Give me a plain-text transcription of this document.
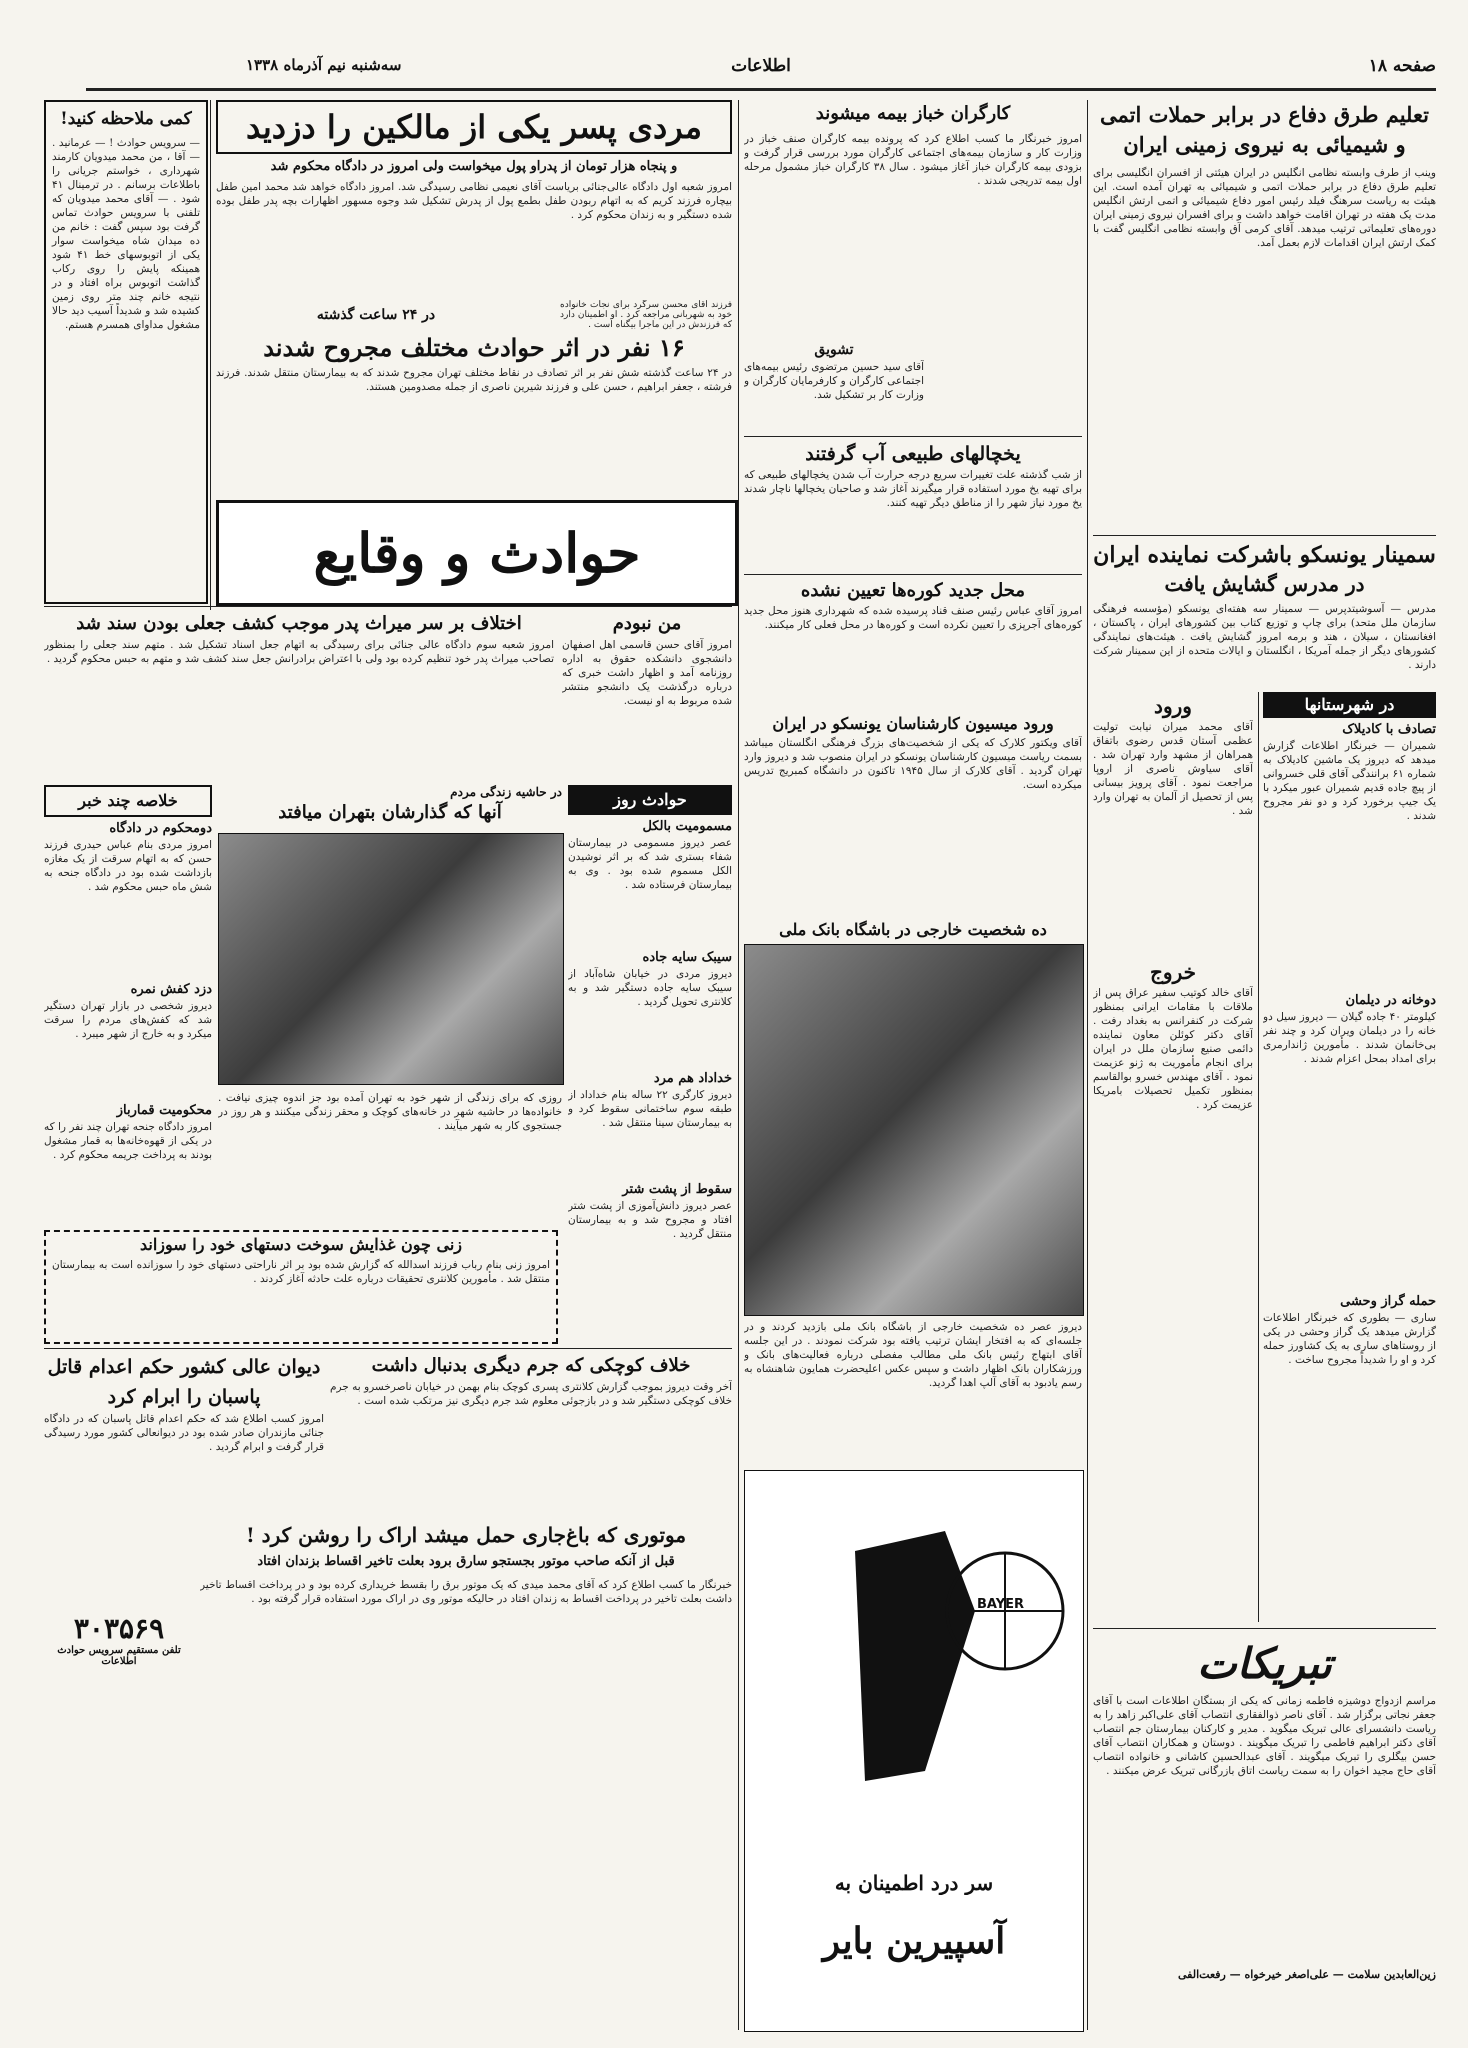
صفحه ۱۸
اطلاعات
سه‌شنبه نیم آذرماه ۱۳۳۸
تعلیم طرق دفاع در برابر حملات اتمی و شیمیائی به نیروی زمینی ایران
وینب از طرف وابسته نظامی انگلیس در ایران هیئتی از افسران انگلیسی برای تعلیم طرق دفاع در برابر حملات اتمی و شیمیائی به تهران آمده است. این هیئت به ریاست سرهنگ فیلد رئیس امور دفاع شیمیائی و اتمی ارتش انگلیس مدت یک هفته در تهران اقامت خواهد داشت و برای افسران نیروی زمینی ایران دوره‌های تعلیماتی ترتیب میدهد. آقای کرمی آق وابسته نظامی انگلیس گفت با کمک ارتش ایران اقدامات لازم بعمل آمد.
سمینار یونسکو باشرکت نماینده ایران
در مدرس گشایش یافت
مدرس — آسوشیتدپرس — سمینار سه هفته‌ای یونسکو (مؤسسه فرهنگی سازمان ملل متحد) برای چاپ و توزیع کتاب بین کشورهای ایران ، پاکستان ، افغانستان ، سیلان ، هند و برمه امروز گشایش یافت . هیئت‌های نمایندگی کشورهای دیگر از جمله آمریکا ، انگلستان و ایالات متحده از این سمینار شرکت دارند .
در شهرستانها
تصادف با کادیلاک
شمیران — خبرنگار اطلاعات گزارش میدهد که دیروز یک ماشین کادیلاک به شماره ۶۱ برانندگی آقای قلی خسروانی از پیچ جاده قدیم شمیران عبور میکرد با یک جیپ برخورد کرد و دو نفر مجروح شدند .
دوخانه در دیلمان
کیلومتر ۴۰ جاده گیلان — دیروز سیل دو خانه را در دیلمان ویران کرد و چند نفر بی‌خانمان شدند . مأمورین ژاندارمری برای امداد بمحل اعزام شدند .
حمله گراز وحشی
ساری — بطوری که خبرنگار اطلاعات گزارش میدهد یک گراز وحشی در یکی از روستاهای ساری به یک کشاورز حمله کرد و او را شدیداً مجروح ساخت .
ورود
آقای محمد میران نیابت تولیت عظمی آستان قدس رضوی باتفاق همراهان از مشهد وارد تهران شد . آقای سیاوش ناصری از اروپا مراجعت نمود . آقای پرویز بیسانی پس از تحصیل از آلمان به تهران وارد شد .
خروج
آقای خالد کوتیب سفیر عراق پس از ملاقات با مقامات ایرانی بمنظور شرکت در کنفرانس به بغداد رفت . آقای دکتر کوئلن معاون نماینده دائمی صنیع سازمان ملل در ایران برای انجام مأموریت به ژنو عزیمت نمود . آقای مهندس خسرو بوالقاسم بمنظور تکمیل تحصیلات بامریکا عزیمت کرد .
تبریکات
مراسم ازدواج دوشیزه فاطمه زمانی که یکی از بستگان اطلاعات است با آقای جعفر نجاتی برگزار شد . آقای ناصر ذوالفقاری انتصاب آقای علی‌اکبر زاهد را به ریاست دانشسرای عالی تبریک میگوید . مدیر و کارکنان بیمارستان جم انتصاب آقای دکتر ابراهیم فاطمی را تبریک میگویند . دوستان و همکاران انتصاب آقای حسن بیگلری را تبریک میگویند . آقای عبدالحسین کاشانی و خانواده انتصاب آقای حاج مجید اخوان را به سمت ریاست اتاق بازرگانی تبریک عرض میکنند .
زین‌العابدین سلامت — علی‌اصغر خیرخواه — رفعت‌الفی
کارگران خباز بیمه میشوند
امروز خبرنگار ما کسب اطلاع کرد که پرونده بیمه کارگران صنف خباز در وزارت کار و سازمان بیمه‌های اجتماعی کارگران مورد بررسی قرار گرفت و بزودی بیمه کارگران خباز آغاز میشود . سال ۳۸ کارگران خباز مشمول مرحله اول بیمه تدریجی شدند .
تشویق
آقای سید حسین مرتضوی رئیس بیمه‌های اجتماعی کارگران و کارفرمایان کارگران و وزارت کار بر تشکیل شد.
یخچالهای طبیعی آب گرفتند
از شب گذشته علت تغییرات سریع درجه حرارت آب شدن یخچالهای طبیعی که برای تهیه یخ مورد استفاده قرار میگیرند آغاز شد و صاحبان یخچالها ناچار شدند یخ مورد نیاز شهر را از مناطق دیگر تهیه کنند.
محل جدید کوره‌ها تعیین نشده
امروز آقای عباس رئیس صنف قناد پرسیده شده که شهرداری هنوز محل جدید کوره‌های آجرپزی را تعیین نکرده است و کوره‌ها در محل فعلی کار میکنند.
ورود میسیون کارشناسان یونسکو در ایران
آقای ویکتور کلارک که یکی از شخصیت‌های بزرگ فرهنگی انگلستان میباشد بسمت ریاست میسیون کارشناسان یونسکو در ایران منصوب شد و دیروز وارد تهران گردید . آقای کلارک از سال ۱۹۴۵ تاکنون در دانشگاه کمبریج تدریس میکرده است.
ده شخصیت خارجی در باشگاه بانک ملی
دیروز عصر ده شخصیت خارجی از باشگاه بانک ملی بازدید کردند و در جلسه‌ای که به افتخار ایشان ترتیب یافته بود شرکت نمودند . در این جلسه آقای ابتهاج رئیس بانک ملی مطالب مفصلی درباره فعالیت‌های بانک و ورزشکاران بانک اظهار داشت و سپس عکس اعلیحضرت همایون شاهنشاه به رسم یادبود به آقای آلپ اهدا گردید.
BAYER
سر درد اطمینان به
آسپیرین بایر
کمی ملاحظه کنید!
— سرویس حوادث ! — عرمانید . — آقا ، من محمد میدویان کارمند شهرداری ، خواستم جریانی را باطلاعات برسانم . در ترمینال ۴۱ شود . — آقای محمد میدویان که تلفنی با سرویس حوادث تماس گرفت بود سپس گفت : خانم من ده میدان شاه میخواست سوار یکی از اتوبوسهای خط ۴۱ شود همینکه پایش را روی رکاب گذاشت اتوبوس براه افتاد و در نتیجه خانم چند متر روی زمین کشیده شد و شدیداً آسیب دید حالا مشغول مداوای همسرم هستم.
مردی پسر یکی از مالکین را دزدید
و پنجاه هزار تومان از پدراو پول میخواست ولی امروز در دادگاه محکوم شد
امروز شعبه اول دادگاه عالی‌جنائی بریاست آقای نعیمی نظامی رسیدگی شد. امروز دادگاه خواهد شد محمد امین طفل بیچاره فرزند کریم که به اتهام ربودن طفل بطمع پول از پدرش تشکیل شد وجوه مسهور اظهارات بچه پدر طفل بوده شده دستگیر و به زندان محکوم کرد .
در ۲۴ ساعت گذشته
۱۶ نفر در اثر حوادث مختلف مجروح شدند
در ۲۴ ساعت گذشته شش نفر بر اثر تصادف در نقاط مختلف تهران مجروح شدند که به بیمارستان منتقل شدند. فرزند فرشته ، جعفر ابراهیم ، حسن علی و فرزند شیرین ناصری از جمله مصدومین هستند.
فرزند آقای محسن سرگرد برای نجات خانواده خود به شهربانی مراجعه کرد . او اطمینان دارد که فرزندش در این ماجرا بیگناه است .
حوادث و وقایع
اختلاف بر سر میراث پدر موجب کشف جعلی بودن سند شد
امروز شعبه سوم دادگاه عالی جنائی برای رسیدگی به اتهام جعل اسناد تشکیل شد . متهم سند جعلی را بمنظور تصاحب میراث پدر خود تنظیم کرده بود ولی با اعتراض برادرانش جعل سند کشف شد و متهم به حبس محکوم گردید .
من نبودم
امروز آقای حسن قاسمی اهل اصفهان دانشجوی دانشکده حقوق به اداره روزنامه آمد و اظهار داشت خبری که درباره درگذشت یک دانشجو منتشر شده مربوط به او نیست.
خلاصه چند خبر
دومحکوم در دادگاه
امروز مردی بنام عباس حیدری فرزند حسن که به اتهام سرقت از یک مغازه بازداشت شده بود در دادگاه جنحه به شش ماه حبس محکوم شد .
دزد کفش نمره
دیروز شخصی در بازار تهران دستگیر شد که کفش‌های مردم را سرقت میکرد و به خارج از شهر میبرد .
محکومیت قمارباز
امروز دادگاه جنحه تهران چند نفر را که در یکی از قهوه‌خانه‌ها به قمار مشغول بودند به پرداخت جریمه محکوم کرد .
در حاشیه زندگی مردم
آنها که گذارشان بتهران میافتد
روزی که برای زندگی از شهر خود به تهران آمده بود جز اندوه چیزی نیافت . خانواده‌ها در حاشیه شهر در خانه‌های کوچک و محقر زندگی میکنند و هر روز در جستجوی کار به شهر میآیند .
حوادث روز
مسمومیت بالکل
عصر دیروز مسمومی در بیمارستان شفاء بستری شد که بر اثر نوشیدن الکل مسموم شده بود . وی به بیمارستان فرستاده شد .
سیبک سایه جاده
دیروز مردی در خیابان شاه‌آباد از سیبک سایه جاده دستگیر شد و به کلانتری تحویل گردید .
خداداد هم مرد
دیروز کارگری ۲۲ ساله بنام خداداد از طبقه سوم ساختمانی سقوط کرد و به بیمارستان سینا منتقل شد .
سقوط از پشت شتر
عصر دیروز دانش‌آموزی از پشت شتر افتاد و مجروح شد و به بیمارستان منتقل گردید .
زنی چون غذایش سوخت دستهای خود را سوزاند
امروز زنی بنام رباب فرزند اسدالله که گزارش شده بود بر اثر ناراحتی دستهای خود را سوزانده است به بیمارستان منتقل شد . مأمورین کلانتری تحقیقات درباره علت حادثه آغاز کردند .
خلاف کوچکی که جرم دیگری بدنبال داشت
آخر وقت دیروز بموجب گزارش کلانتری پسری کوچک بنام بهمن در خیابان ناصرخسرو به جرم خلاف کوچکی دستگیر شد و در بازجوئی معلوم شد جرم دیگری نیز مرتکب شده است .
دیوان عالی کشور حکم اعدام قاتل پاسبان را ابرام کرد
امروز کسب اطلاع شد که حکم اعدام قاتل پاسبان که در دادگاه جنائی مازندران صادر شده بود در دیوانعالی کشور مورد رسیدگی قرار گرفت و ابرام گردید .
۳۰۳۵۶۹
تلفن مستقیم سرویس حوادث اطلاعات
موتوری که باغ‌جاری حمل میشد اراک را روشن کرد !
قبل از آنکه صاحب موتور بجستجو سارق برود بعلت تاخیر اقساط بزندان افتاد
خبرنگار ما کسب اطلاع کرد که آقای محمد میدی که یک موتور برق را بقسط خریداری کرده بود و در پرداخت اقساط تاخیر داشت بعلت تاخیر در پرداخت اقساط به زندان افتاد در حالیکه موتور وی در اراک مورد استفاده قرار گرفته بود .
